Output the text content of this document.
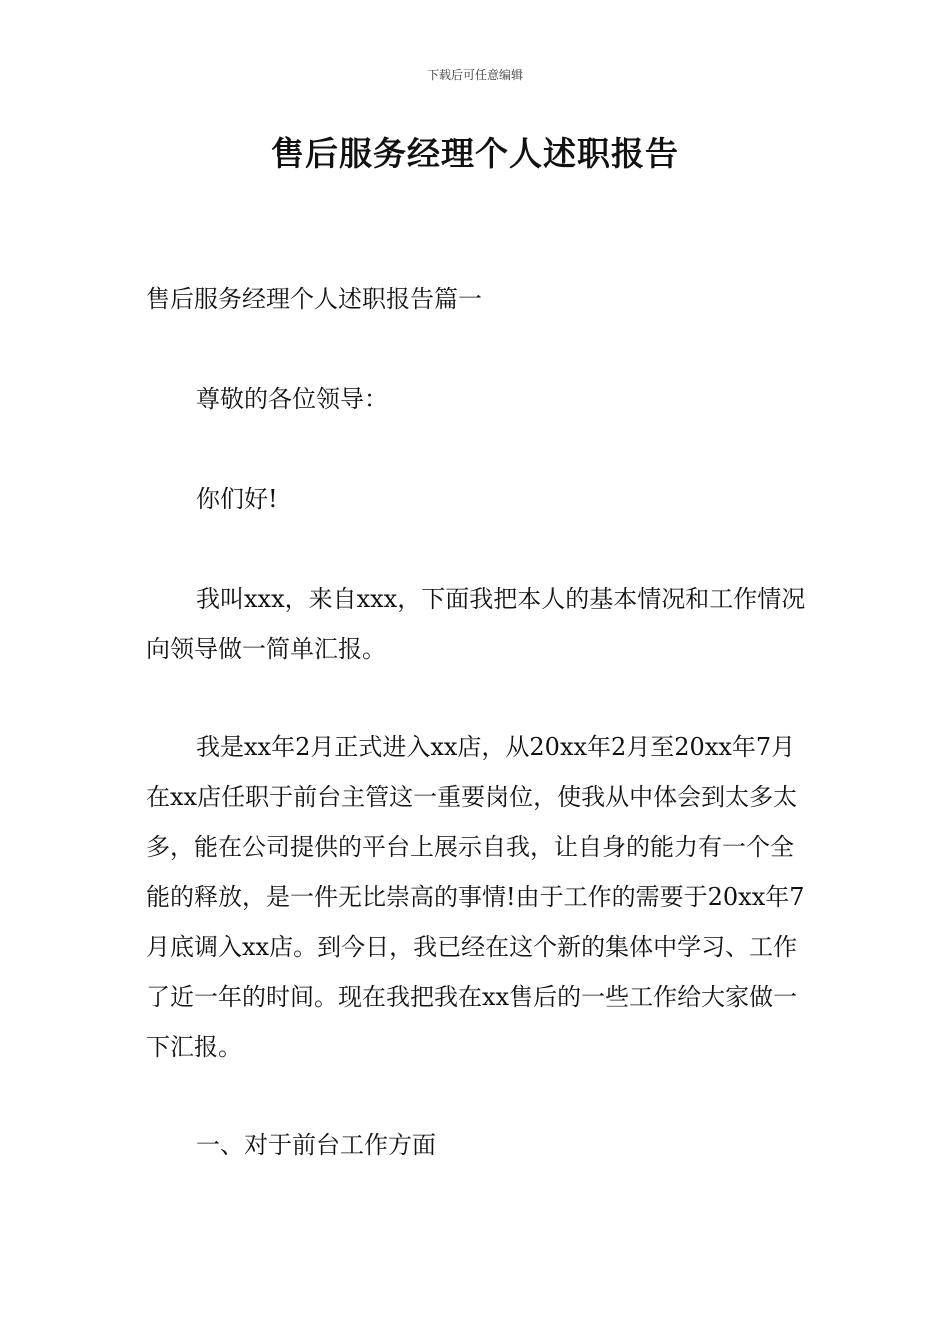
下载后可任意编辑
售后服务经理个人述职报告

售后服务经理个人述职报告篇一

尊敬的各位领导：

你们好!

我叫xxx，来自xxx，下面我把本人的基本情况和工作情况向领导做一简单汇报。

我是xx年2月正式进入xx店，从20xx年2月至20xx年7月在xx店任职于前台主管这一重要岗位，使我从中体会到太多太多，能在公司提供的平台上展示自我，让自身的能力有一个全能的释放，是一件无比崇高的事情!由于工作的需要于20xx年7月底调入xx店。到今日，我已经在这个新的集体中学习、工作了近一年的时间。现在我把我在xx售后的一些工作给大家做一下汇报。

一、对于前台工作方面
